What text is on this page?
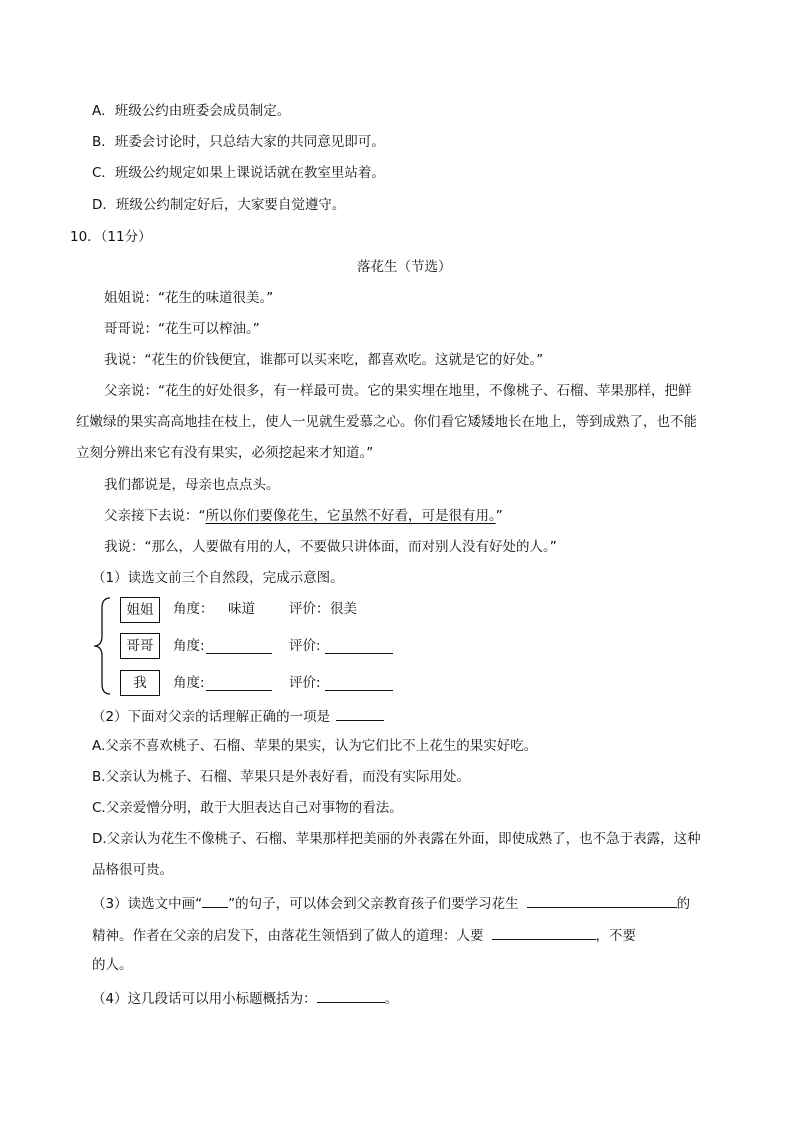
A．班级公约由班委会成员制定。
B．班委会讨论时，只总结大家的共同意见即可。
C．班级公约规定如果上课说话就在教室里站着。
D．班级公约制定好后，大家要自觉遵守。
10．（11分）
落花生（节选）
姐姐说：“花生的味道很美。”
哥哥说：“花生可以榨油。”
我说：“花生的价钱便宜，谁都可以买来吃，都喜欢吃。这就是它的好处。”
父亲说：“花生的好处很多，有一样最可贵。它的果实埋在地里，不像桃子、石榴、苹果那样，把鲜
红嫩绿的果实高高地挂在枝上，使人一见就生爱慕之心。你们看它矮矮地长在地上，等到成熟了，也不能
立刻分辨出来它有没有果实，必须挖起来才知道。”
我们都说是，母亲也点点头。
父亲接下去说：“所以你们要像花生，它虽然不好看，可是很有用。”
我说：“那么，人要做有用的人，不要做只讲体面，而对别人没有好处的人。”
（1）读选文前三个自然段，完成示意图。
姐姐	角度： 味道	评价： 很美
哥哥	角度:	评价:
我	角度:	评价:
（2）下面对父亲的话理解正确的一项是
A.父亲不喜欢桃子、石榴、苹果的果实，认为它们比不上花生的果实好吃。
B.父亲认为桃子、石榴、苹果只是外表好看，而没有实际用处。
C.父亲爱憎分明，敢于大胆表达自己对事物的看法。
D.父亲认为花生不像桃子、石榴、苹果那样把美丽的外表露在外面，即使成熟了，也不急于表露，这种
品格很可贵。
（3）读选文中画“ ”的句子，可以体会到父亲教育孩子们要学习花生	的
精神。作者在父亲的启发下，由落花生领悟到了做人的道理：人要	，不要
的人。
（4）这几段话可以用小标题概括为：	。
